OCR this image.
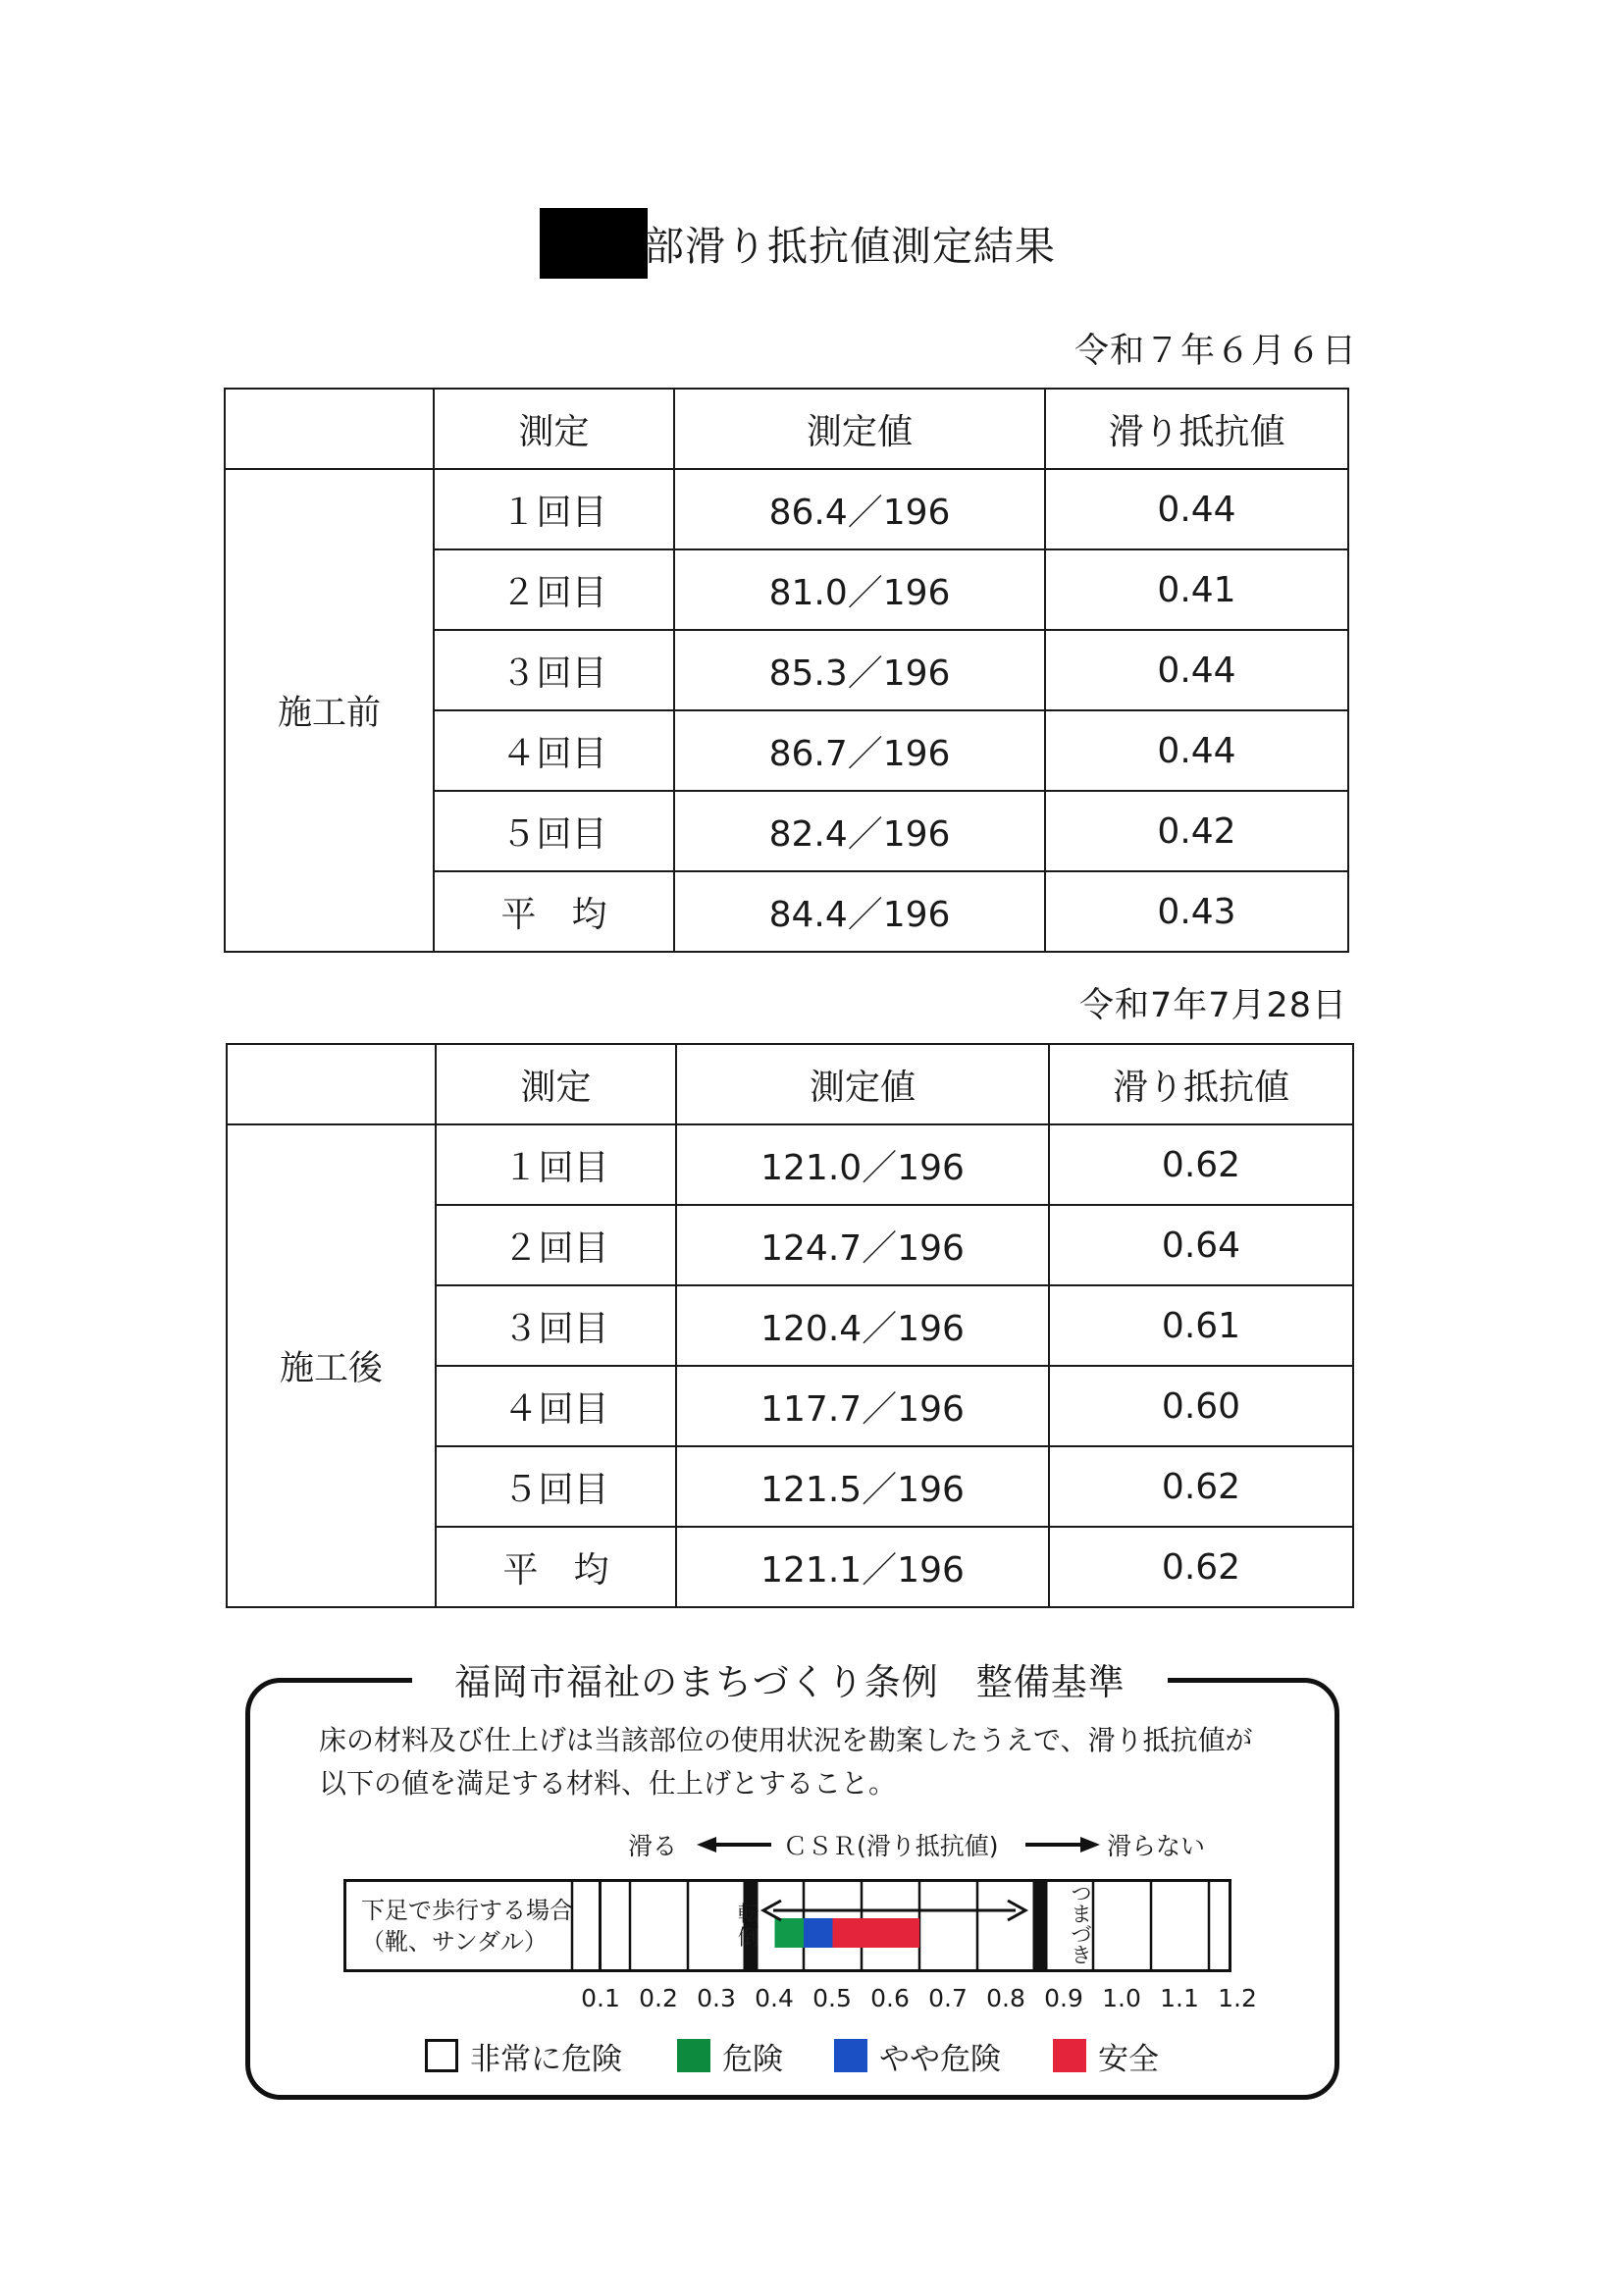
部滑り抵抗値測定結果
令和７年６月６日
	測定	測定値	滑り抵抗値
施工前	１回目	86.4／196	0.44
	２回目	81.0／196	0.41
	３回目	85.3／196	0.44
	４回目	86.7／196	0.44
	５回目	82.4／196	0.42
	平　均	84.4／196	0.43
令和7年7月28日
	測定	測定値	滑り抵抗値
施工後	１回目	121.0／196	0.62
	２回目	124.7／196	0.64
	３回目	120.4／196	0.61
	４回目	117.7／196	0.60
	５回目	121.5／196	0.62
	平　均	121.1／196	0.62
福岡市福祉のまちづくり条例　整備基準
床の材料及び仕上げは当該部位の使用状況を勘案したうえで、滑り抵抗値が
以下の値を満足する材料、仕上げとすること。
滑る	ＣＳＲ(滑り抵抗値)	滑らない
下足で歩行する場合
（靴、サンダル）
転倒
つまづき
0.1 0.2 0.3 0.4 0.5 0.6 0.7 0.8 0.9 1.0 1.1 1.2
非常に危険	危険	やや危険	安全
